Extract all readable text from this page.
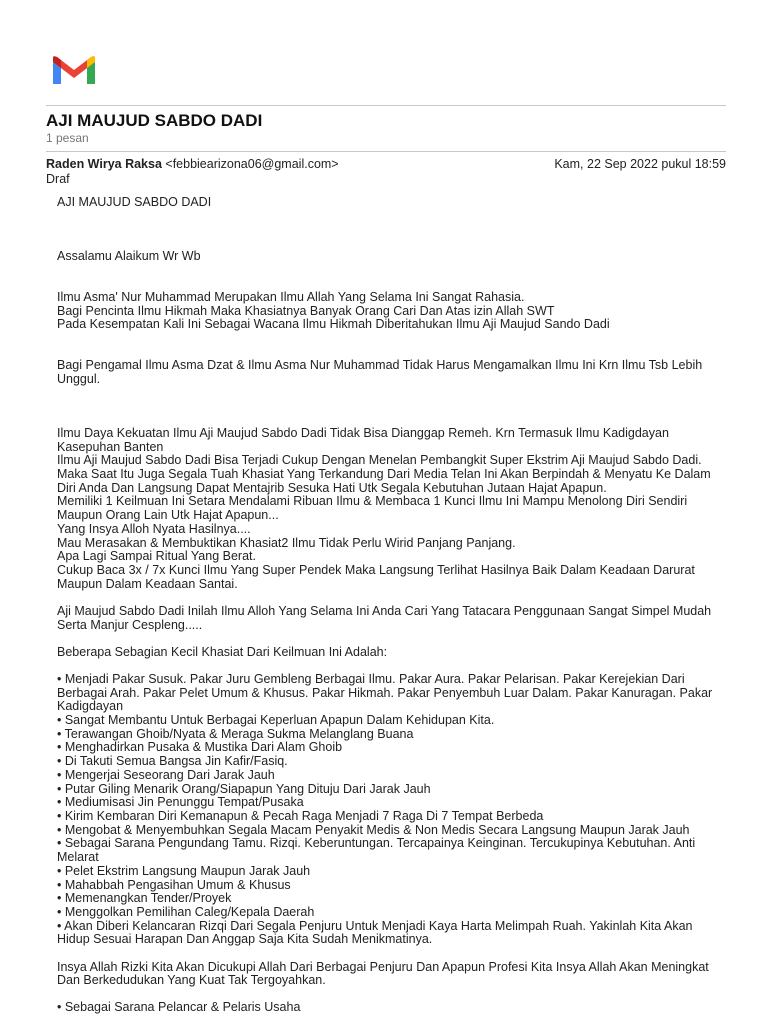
AJI MAUJUD SABDO DADI
1 pesan
Raden Wirya Raksa <febbiearizona06@gmail.com>	Kam, 22 Sep 2022 pukul 18:59
Draf
AJI MAUJUD SABDO DADI
Assalamu Alaikum Wr Wb
Ilmu Asma' Nur Muhammad Merupakan Ilmu Allah Yang Selama Ini Sangat Rahasia.
Bagi Pencinta Ilmu Hikmah Maka Khasiatnya Banyak Orang Cari Dan Atas izin Allah SWT
Pada Kesempatan Kali Ini Sebagai Wacana Ilmu Hikmah Diberitahukan Ilmu Aji Maujud Sando Dadi
Bagi Pengamal Ilmu Asma Dzat & Ilmu Asma Nur Muhammad Tidak Harus Mengamalkan Ilmu Ini Krn Ilmu Tsb Lebih
Unggul.
Ilmu Daya Kekuatan Ilmu Aji Maujud Sabdo Dadi Tidak Bisa Dianggap Remeh. Krn Termasuk Ilmu Kadigdayan
Kasepuhan Banten
Ilmu Aji Maujud Sabdo Dadi Bisa Terjadi Cukup Dengan Menelan Pembangkit Super Ekstrim Aji Maujud Sabdo Dadi.
Maka Saat Itu Juga Segala Tuah Khasiat Yang Terkandung Dari Media Telan Ini Akan Berpindah & Menyatu Ke Dalam
Diri Anda Dan Langsung Dapat Mentajrib Sesuka Hati Utk Segala Kebutuhan Jutaan Hajat Apapun.
Memiliki 1 Keilmuan Ini Setara Mendalami Ribuan Ilmu & Membaca 1 Kunci Ilmu Ini Mampu Menolong Diri Sendiri
Maupun Orang Lain Utk Hajat Apapun...
Yang Insya Alloh Nyata Hasilnya....
Mau Merasakan & Membuktikan Khasiat2 Ilmu Tidak Perlu Wirid Panjang Panjang.
Apa Lagi Sampai Ritual Yang Berat.
Cukup Baca 3x / 7x Kunci Ilmu Yang Super Pendek Maka Langsung Terlihat Hasilnya Baik Dalam Keadaan Darurat
Maupun Dalam Keadaan Santai.
Aji Maujud Sabdo Dadi Inilah Ilmu Alloh Yang Selama Ini Anda Cari Yang Tatacara Penggunaan Sangat Simpel Mudah
Serta Manjur Cespleng.....
Beberapa Sebagian Kecil Khasiat Dari Keilmuan Ini Adalah:
• Menjadi Pakar Susuk. Pakar Juru Gembleng Berbagai Ilmu. Pakar Aura. Pakar Pelarisan. Pakar Kerejekian Dari
Berbagai Arah. Pakar Pelet Umum & Khusus. Pakar Hikmah. Pakar Penyembuh Luar Dalam. Pakar Kanuragan. Pakar
Kadigdayan
• Sangat Membantu Untuk Berbagai Keperluan Apapun Dalam Kehidupan Kita.
• Terawangan Ghoib/Nyata & Meraga Sukma Melanglang Buana
• Menghadirkan Pusaka & Mustika Dari Alam Ghoib
• Di Takuti Semua Bangsa Jin Kafir/Fasiq.
• Mengerjai Seseorang Dari Jarak Jauh
• Putar Giling Menarik Orang/Siapapun Yang Dituju Dari Jarak Jauh
• Mediumisasi Jin Penunggu Tempat/Pusaka
• Kirim Kembaran Diri Kemanapun & Pecah Raga Menjadi 7 Raga Di 7 Tempat Berbeda
• Mengobat & Menyembuhkan Segala Macam Penyakit Medis & Non Medis Secara Langsung Maupun Jarak Jauh
• Sebagai Sarana Pengundang Tamu. Rizqi. Keberuntungan. Tercapainya Keinginan. Tercukupinya Kebutuhan. Anti
Melarat
• Pelet Ekstrim Langsung Maupun Jarak Jauh
• Mahabbah Pengasihan Umum & Khusus
• Memenangkan Tender/Proyek
• Menggolkan Pemilihan Caleg/Kepala Daerah
• Akan Diberi Kelancaran Rizqi Dari Segala Penjuru Untuk Menjadi Kaya Harta Melimpah Ruah. Yakinlah Kita Akan
Hidup Sesuai Harapan Dan Anggap Saja Kita Sudah Menikmatinya.
Insya Allah Rizki Kita Akan Dicukupi Allah Dari Berbagai Penjuru Dan Apapun Profesi Kita Insya Allah Akan Meningkat
Dan Berkedudukan Yang Kuat Tak Tergoyahkan.
• Sebagai Sarana Pelancar & Pelaris Usaha
